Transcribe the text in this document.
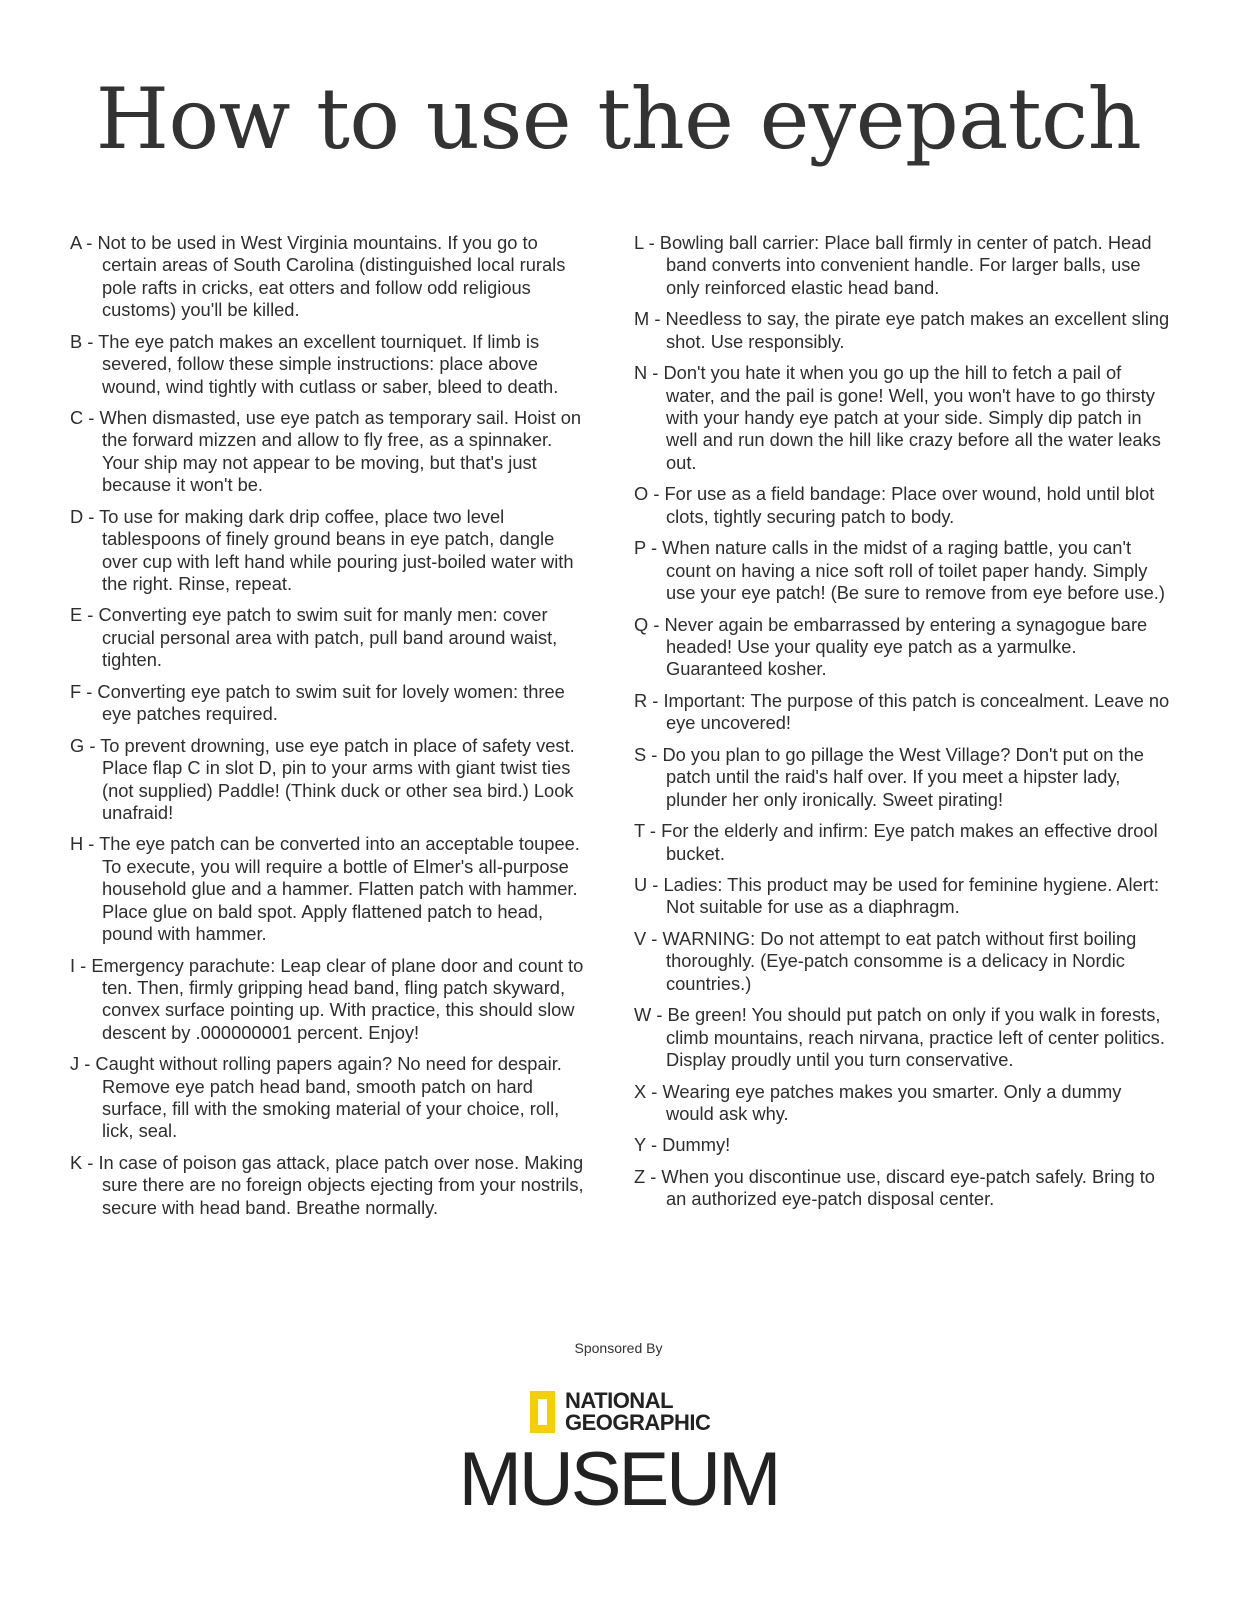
How to use the eyepatch

A - Not to be used in West Virginia mountains. If you go to certain areas of South Carolina (distinguished local rurals pole rafts in cricks, eat otters and follow odd religious customs) you'll be killed.

B - The eye patch makes an excellent tourniquet. If limb is severed, follow these simple instructions: place above wound, wind tightly with cutlass or saber, bleed to death.

C - When dismasted, use eye patch as temporary sail. Hoist on the forward mizzen and allow to fly free, as a spinnaker. Your ship may not appear to be moving, but that's just because it won't be.

D - To use for making dark drip coffee, place two level tablespoons of finely ground beans in eye patch, dangle over cup with left hand while pouring just-boiled water with the right. Rinse, repeat.

E - Converting eye patch to swim suit for manly men: cover crucial personal area with patch, pull band around waist, tighten.

F - Converting eye patch to swim suit for lovely women: three eye patches required.

G - To prevent drowning, use eye patch in place of safety vest. Place flap C in slot D, pin to your arms with giant twist ties (not supplied) Paddle! (Think duck or other sea bird.) Look unafraid!

H - The eye patch can be converted into an acceptable toupee. To execute, you will require a bottle of Elmer's all-purpose household glue and a hammer. Flatten patch with hammer. Place glue on bald spot. Apply flattened patch to head, pound with hammer.

I - Emergency parachute: Leap clear of plane door and count to ten. Then, firmly gripping head band, fling patch skyward, convex surface pointing up. With practice, this should slow descent by .000000001 percent. Enjoy!

J - Caught without rolling papers again? No need for despair. Remove eye patch head band, smooth patch on hard surface, fill with the smoking material of your choice, roll, lick, seal.

K - In case of poison gas attack, place patch over nose. Making sure there are no foreign objects ejecting from your nostrils, secure with head band. Breathe normally.

L - Bowling ball carrier: Place ball firmly in center of patch. Head band converts into convenient handle. For larger balls, use only reinforced elastic head band.

M - Needless to say, the pirate eye patch makes an excellent sling shot. Use responsibly.

N - Don't you hate it when you go up the hill to fetch a pail of water, and the pail is gone! Well, you won't have to go thirsty with your handy eye patch at your side. Simply dip patch in well and run down the hill like crazy before all the water leaks out.

O - For use as a field bandage: Place over wound, hold until blot clots, tightly securing patch to body.

P - When nature calls in the midst of a raging battle, you can't count on having a nice soft roll of toilet paper handy. Simply use your eye patch! (Be sure to remove from eye before use.)

Q - Never again be embarrassed by entering a synagogue bare headed! Use your quality eye patch as a yarmulke. Guaranteed kosher.

R - Important: The purpose of this patch is concealment. Leave no eye uncovered!

S - Do you plan to go pillage the West Village? Don't put on the patch until the raid's half over. If you meet a hipster lady, plunder her only ironically. Sweet pirating!

T - For the elderly and infirm: Eye patch makes an effective drool bucket.

U - Ladies: This product may be used for feminine hygiene. Alert: Not suitable for use as a diaphragm.

V - WARNING: Do not attempt to eat patch without first boiling thoroughly. (Eye-patch consomme is a delicacy in Nordic countries.)

W - Be green! You should put patch on only if you walk in forests, climb mountains, reach nirvana, practice left of center politics. Display proudly until you turn conservative.

X - Wearing eye patches makes you smarter. Only a dummy would ask why.

Y - Dummy!

Z - When you discontinue use, discard eye-patch safely. Bring to an authorized eye-patch disposal center.

Sponsored By
NATIONAL
GEOGRAPHIC
MUSEUM
